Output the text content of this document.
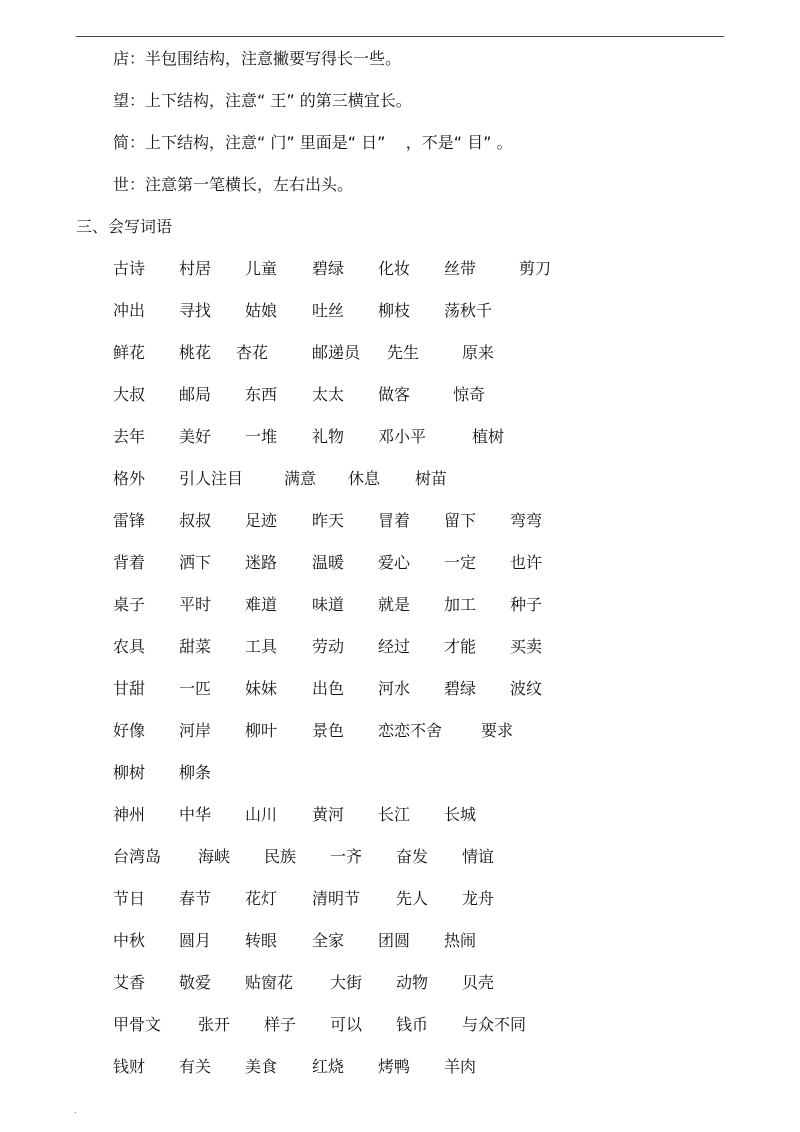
店：半包围结构，注意撇要写得长一些。
望：上下结构，注意“ 王” 的第三横宜长。
简：上下结构，注意“ 门” 里面是“ 日”    ，不是“ 目” 。
世：注意第一笔横长，左右出头。
三、会写词语
古诗 村居 儿童 碧绿 化妆 丝带	剪刀
冲出 寻找 姑娘 吐丝 柳枝 荡秋千
鲜花 桃花 杏花	邮递员 先生	原来
大叔 邮局 东西 太太 做客	惊奇
去年 美好 一堆 礼物 邓小平	植树
格外 引人注目	满意 休息 树苗
雷锋 叔叔 足迹 昨天 冒着 留下 弯弯
背着 洒下 迷路 温暖 爱心 一定 也许
桌子 平时 难道 味道 就是 加工 种子
农具 甜菜 工具 劳动 经过 才能 买卖
甘甜 一匹 妹妹 出色 河水 碧绿 波纹
好像 河岸 柳叶 景色 恋恋不舍 要求
柳树 柳条
神州 中华 山川 黄河 长江 长城
台湾岛 海峡 民族 一齐 奋发 情谊
节日 春节 花灯 清明节 先人 龙舟
中秋 圆月 转眼 全家 团圆 热闹
艾香 敬爱 贴窗花 大街 动物 贝壳
甲骨文 张开 样子 可以 钱币 与众不同
钱财 有关 美食 红烧 烤鸭 羊肉
.
